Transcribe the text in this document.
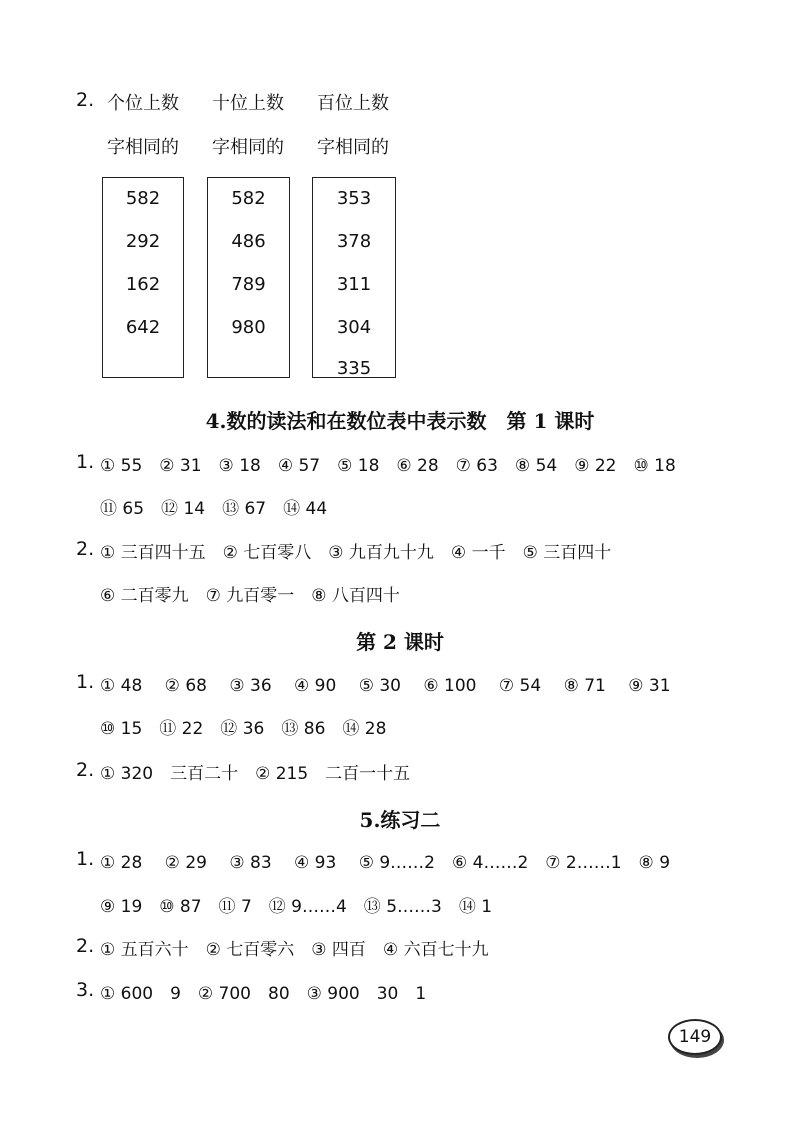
2. 个位上数
字相同的
十位上数
字相同的
百位上数
字相同的
582
292
162
642
582
486
789
980
353
378
311
304
335
4.数的读法和在数位表中表示数　第 1 课时
1. ① 55　② 31　③ 18　④ 57　⑤ 18　⑥ 28　⑦ 63　⑧ 54　⑨ 22　⑩ 18
⑪ 65　⑫ 14　⑬ 67　⑭ 44
2. ① 三百四十五　② 七百零八　③ 九百九十九　④ 一千　⑤ 三百四十
⑥ 二百零九　⑦ 九百零一　⑧ 八百四十
第 2 课时
1. ① 48　 ② 68　 ③ 36　 ④ 90　 ⑤ 30　 ⑥ 100　 ⑦ 54　 ⑧ 71　 ⑨ 31
⑩ 15　⑪ 22　⑫ 36　⑬ 86　⑭ 28
2. ① 320　三百二十　② 215　二百一十五
5.练习二
1. ① 28　 ② 29　 ③ 83　 ④ 93　 ⑤ 9……2　⑥ 4……2　⑦ 2……1　⑧ 9
⑨ 19　⑩ 87　⑪ 7　⑫ 9……4　⑬ 5……3　⑭ 1
2. ① 五百六十　② 七百零六　③ 四百　④ 六百七十九
3. ① 600　9　② 700　80　③ 900　30　1
149
